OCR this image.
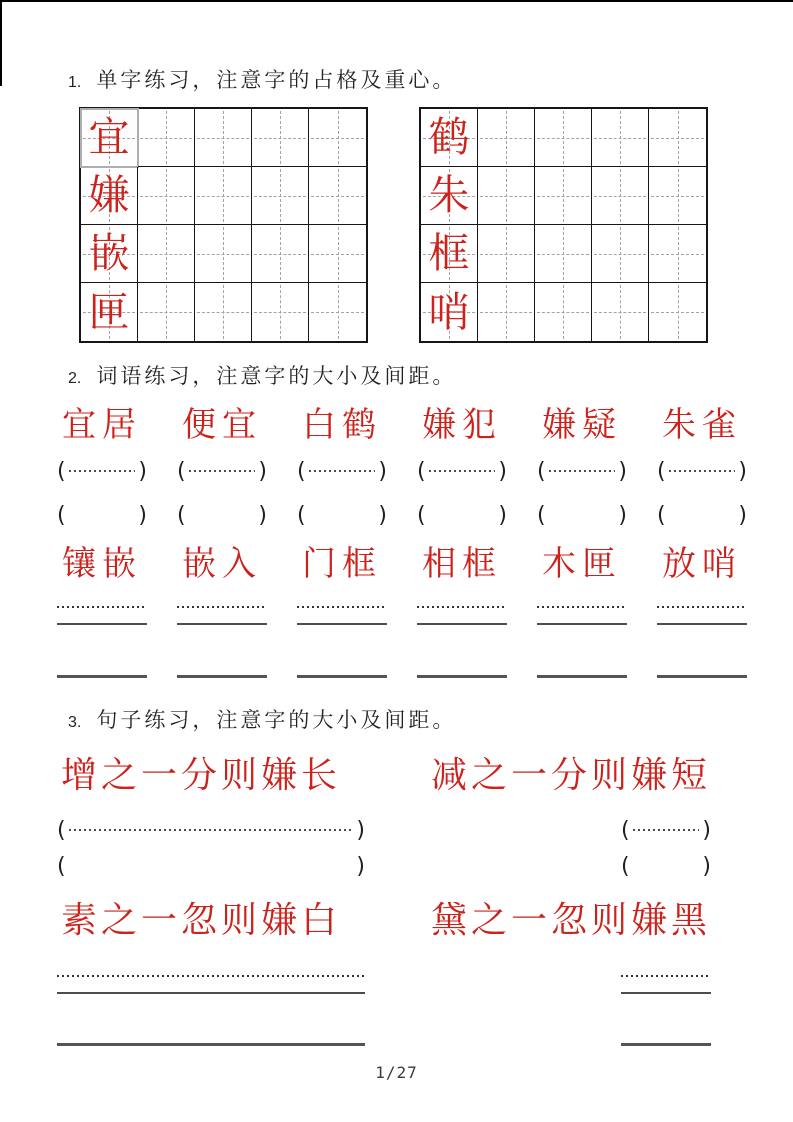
1. 单字练习，注意字的占格及重心。
宜
嫌
嵌
匣
鹤
朱
框
哨
2. 词语练习，注意字的大小及间距。
宜居 便宜 白鹤 嫌犯 嫌疑 朱雀
(	) (	) (	) (	) (	) (	)
(	) (	) (	) (	) (	) (	)
镶嵌 嵌入 门框 相框 木匣 放哨
3. 句子练习，注意字的大小及间距。
增之一分则嫌长	减之一分则嫌短
(	)	(	)
(	)	(	)
素之一忽则嫌白	黛之一忽则嫌黑
1/27
